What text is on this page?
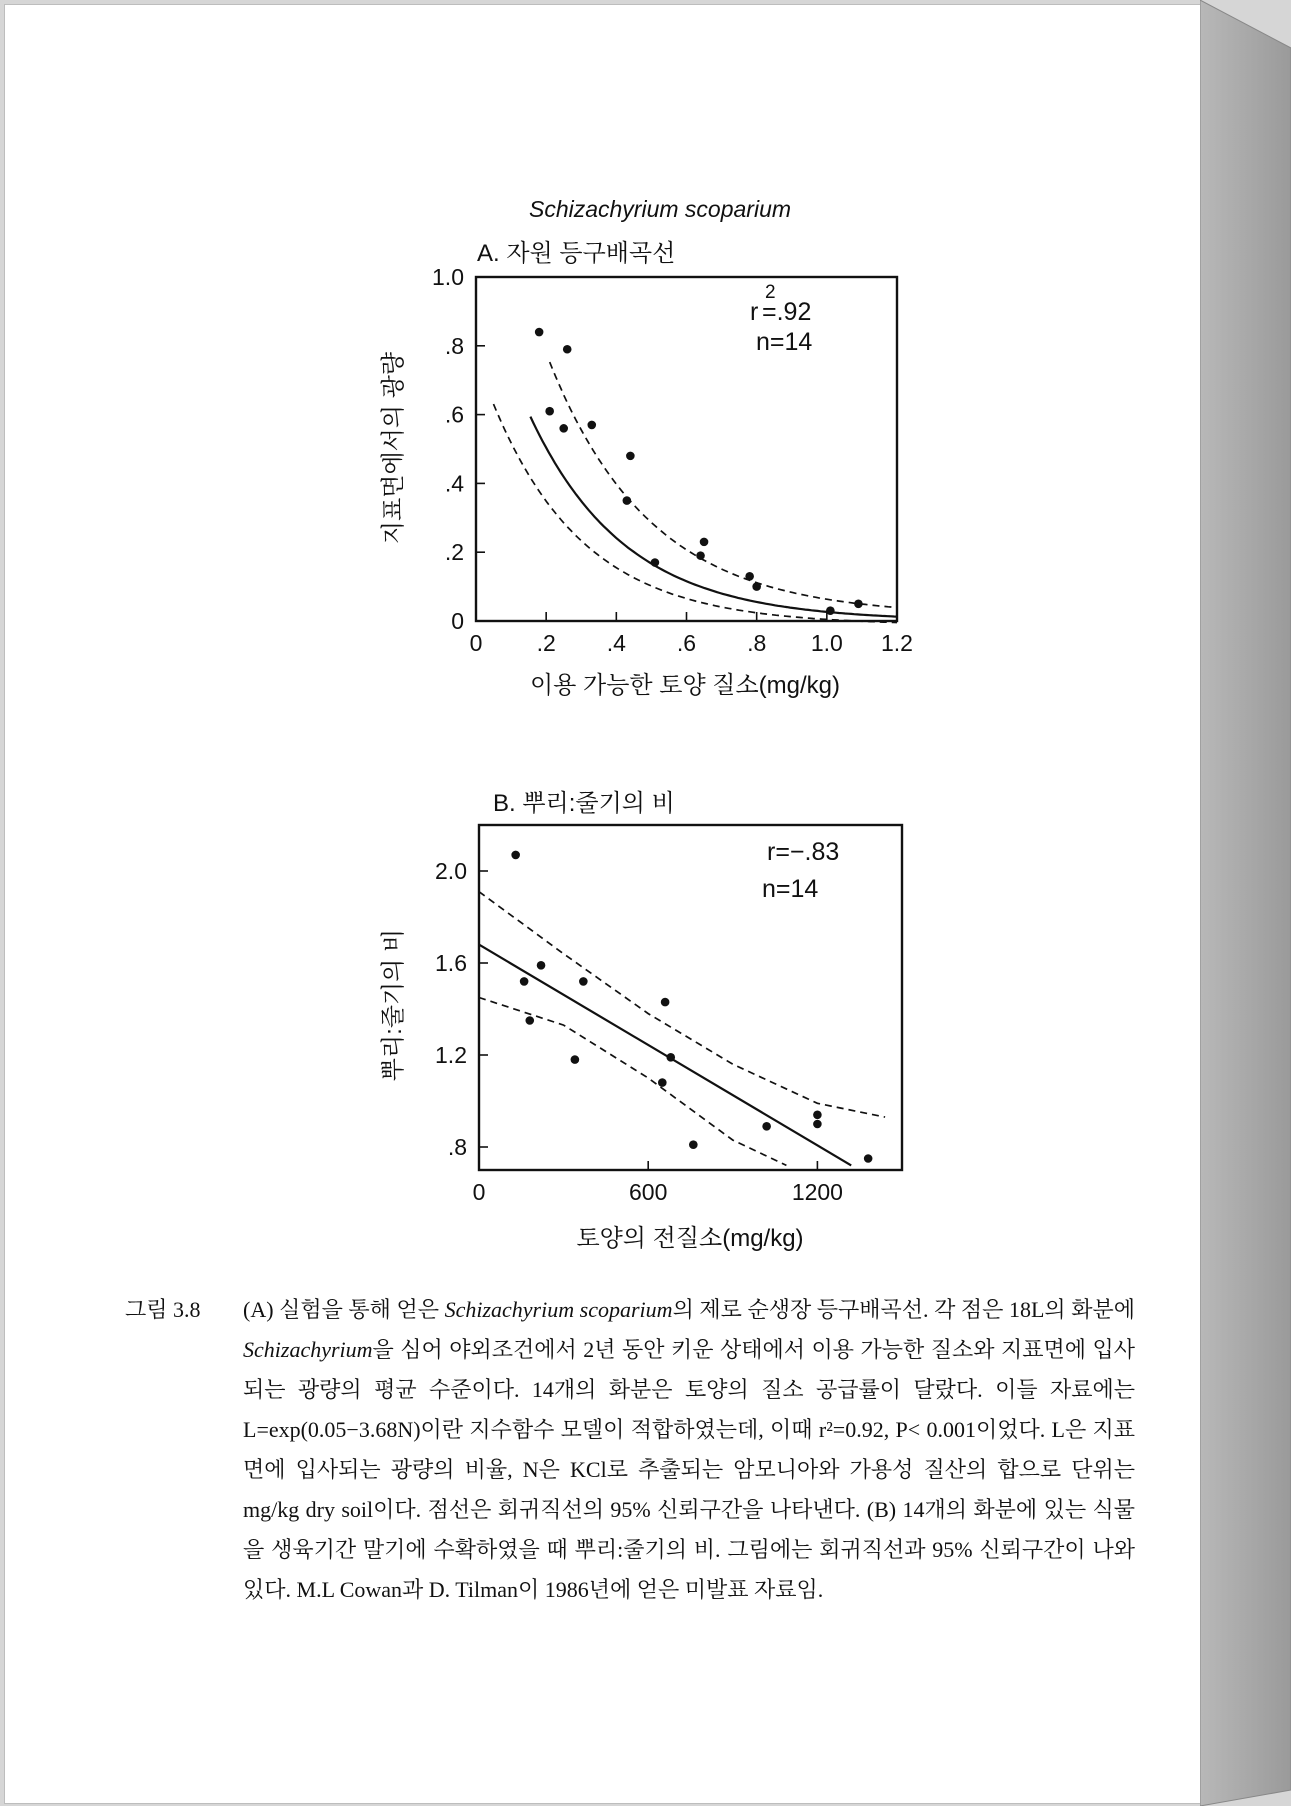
Schizachyrium scoparium
A. 자원 등구배곡선
0 .2 .4 .6 .8 1.0 1.2
0
.2
.4
.6
.8
1.0
r
2
=.92
n=14
이용 가능한 토양 질소(mg/kg)
지표면에서의 광량
B. 뿌리:줄기의 비
0	600	1200
.8
1.2
1.6
2.0
r=−.83
n=14
토양의 전질소(mg/kg)
뿌리:줄기의 비
그림 3.8	(A) 실험을 통해 얻은 Schizachyrium scoparium의 제로 순생장 등구배곡선. 각 점은 18L의 화분에 Schizachyrium을 심어 야외조건에서 2년 동안 키운 상태에서 이용 가능한 질소와 지표면에 입사되는 광량의 평균 수준이다. 14개의 화분은 토양의 질소 공급률이 달랐다. 이들 자료에는 L=exp(0.05−3.68N)이란 지수함수 모델이 적합하였는데, 이때 r²=0.92, P< 0.001이었다. L은 지표면에 입사되는 광량의 비율, N은 KCl로 추출되는 암모니아와 가용성 질산의 합으로 단위는 mg/kg dry soil이다. 점선은 회귀직선의 95% 신뢰구간을 나타낸다. (B) 14개의 화분에 있는 식물을 생육기간 말기에 수확하였을 때 뿌리:줄기의 비. 그림에는 회귀직선과 95% 신뢰구간이 나와 있다. M.L Cowan과 D. Tilman이 1986년에 얻은 미발표 자료임.
